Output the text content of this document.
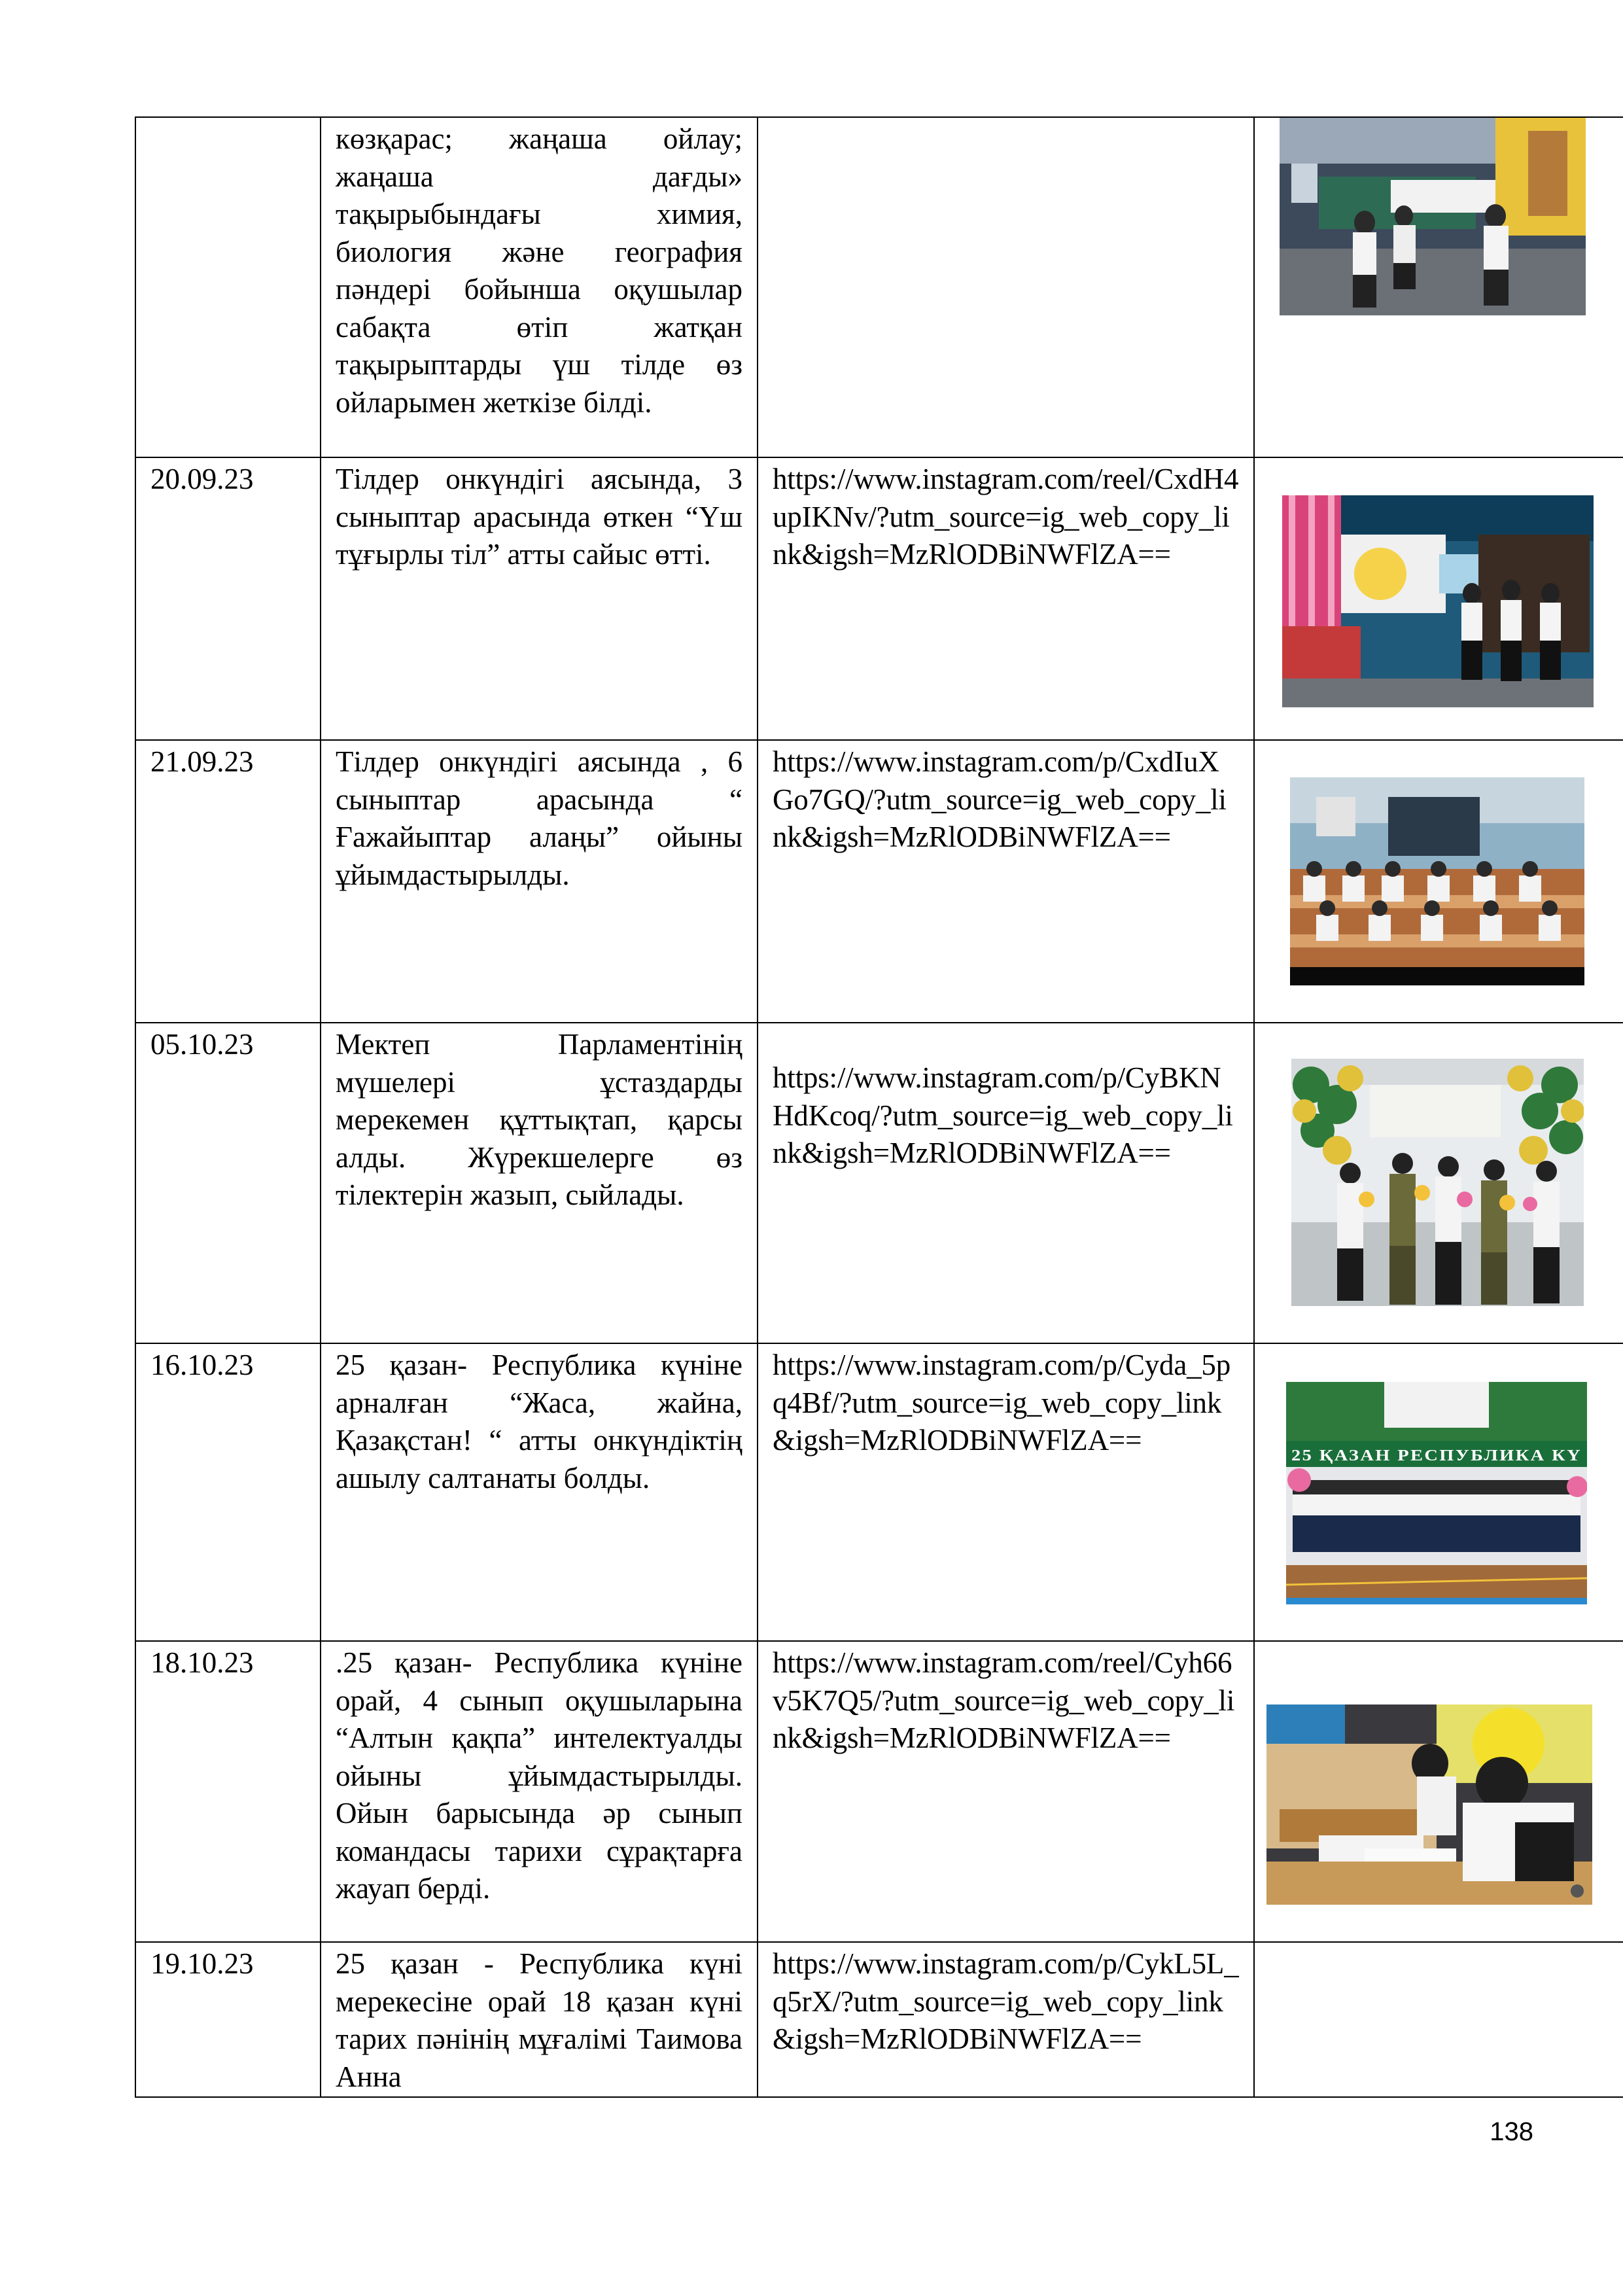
	көзқарас; жаңаша ойлау; жаңаша дағды» тақырыбындағы химия, биология және география пәндері бойынша оқушылар сабақта өтіп жатқан тақырыптарды үш тілде өз ойларымен жеткізе білді.		

20.09.23	Тілдер онкүндігі аясында, 3 сыныптар арасында өткен “Үш тұғырлы тіл” атты сайыс өтті.	https://www.instagram.com/reel/CxdH4upIKNv/?utm_source=ig_web_copy_link&igsh=MzRlODBiNWFlZA==	

21.09.23	Тілдер онкүндігі аясында , 6 сыныптар арасында “ Ғажайыптар алаңы” ойыны ұйымдастырылды.	https://www.instagram.com/p/CxdIuXGo7GQ/?utm_source=ig_web_copy_link&igsh=MzRlODBiNWFlZA==	

05.10.23	Мектеп Парламентінің мүшелері ұстаздарды мерекемен құттықтап, қарсы алды. Жүрекшелерге өз тілектерін жазып, сыйлады.	https://www.instagram.com/p/CyBKNHdKcoq/?utm_source=ig_web_copy_link&igsh=MzRlODBiNWFlZA==	

16.10.23	25 қазан- Республика күніне арналған “Жаса, жайна, Қазақстан! “ атты онкүндіктің ашылу салтанаты болды.	https://www.instagram.com/p/Cyda_5pq4Bf/?utm_source=ig_web_copy_link&igsh=MzRlODBiNWFlZA==	25 ҚАЗАН РЕСПУБЛИКА КҮ

18.10.23	.25 қазан- Республика күніне орай, 4 сынып оқушыларына “Алтын қақпа” интелектуалды ойыны ұйымдастырылды. Ойын барысында әр сынып командасы тарихи сұрақтарға жауап берді.	https://www.instagram.com/reel/Cyh66v5K7Q5/?utm_source=ig_web_copy_link&igsh=MzRlODBiNWFlZA==	

19.10.23	25 қазан - Республика күні мерекесіне орай 18 қазан күні тарих пәнінің мұғалімі Таимова Анна	https://www.instagram.com/p/CykL5L_q5rX/?utm_source=ig_web_copy_link&igsh=MzRlODBiNWFlZA==	
138
